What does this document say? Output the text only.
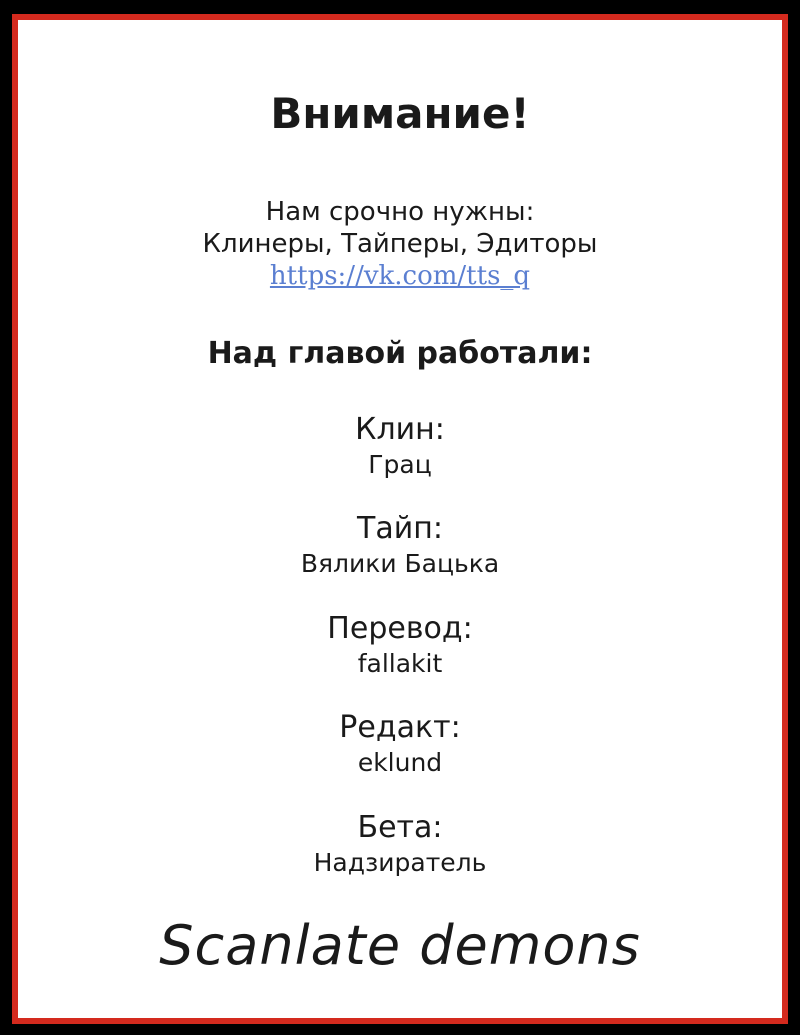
Внимание!

Нам срочно нужны:

Клинеры, Тайперы, Эдиторы

https://vk.com/tts_q
Над главой работали:

Клин:

Грац

Тайп:

Вялики Бацька

Перевод:

fallakit

Редакт:

eklund

Бета:

Надзиратель

Scanlate demons
